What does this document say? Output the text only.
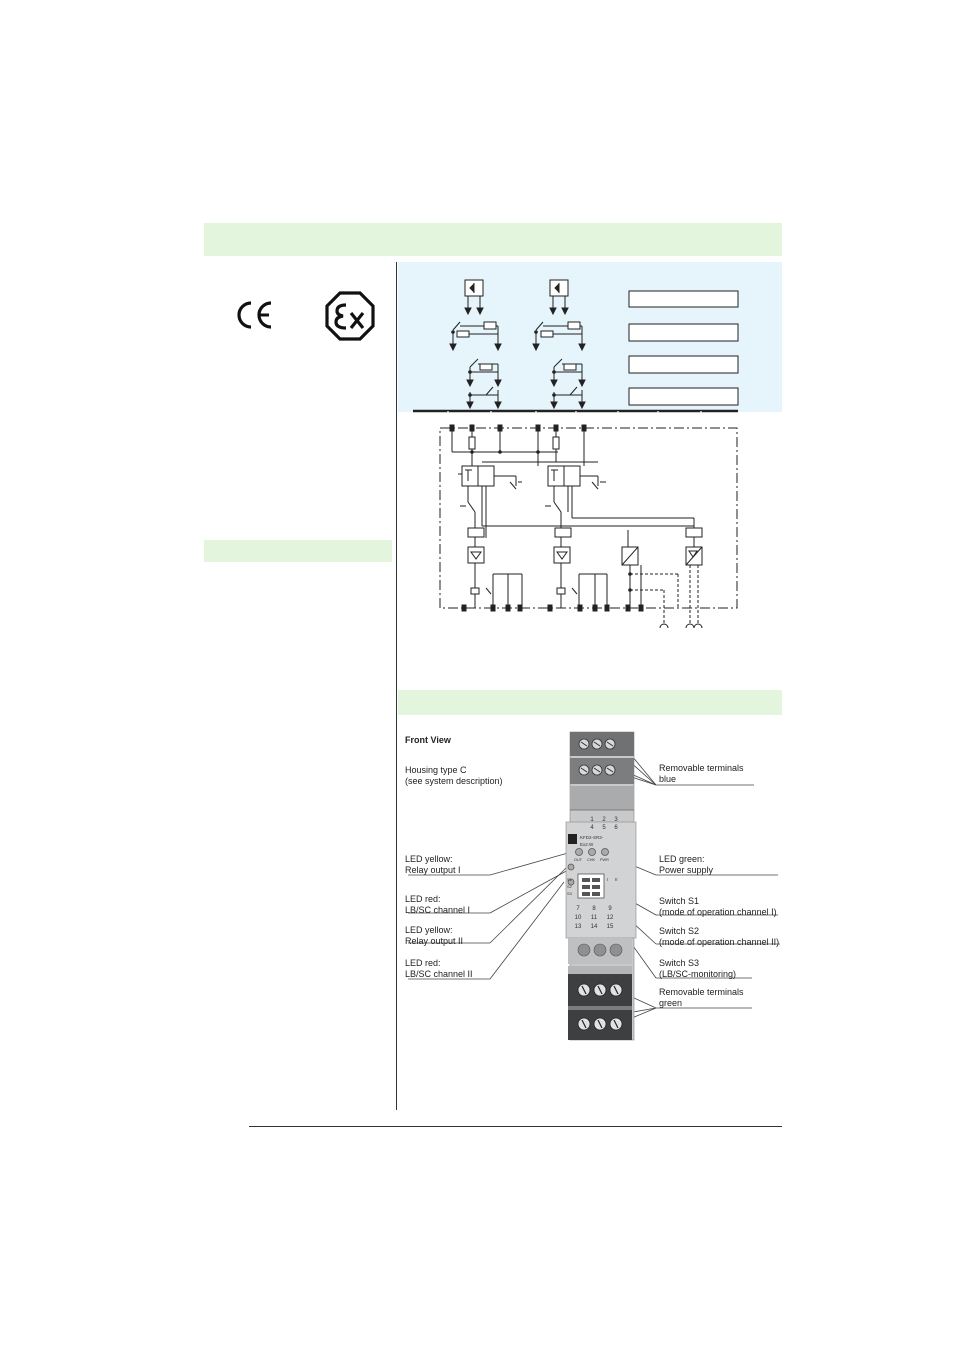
Front View
1 2 3
4 5 6
KFD2-SR2-
Ex2.W
OUT CHK PWR
S1
S2
S3
I II
7 8 9
10 11 12
13 14 15
Housing type C
(see system description)
Removable terminals
blue
LED yellow:
Relay output I
LED green:
Power supply
LED red:
LB/SC channel I
Switch S1
(mode of operation channel I)
LED yellow:
Relay output II
Switch S2
(mode of operation channel II)
LED red:
LB/SC channel II
Switch S3
(LB/SC-monitoring)
Removable terminals
green
